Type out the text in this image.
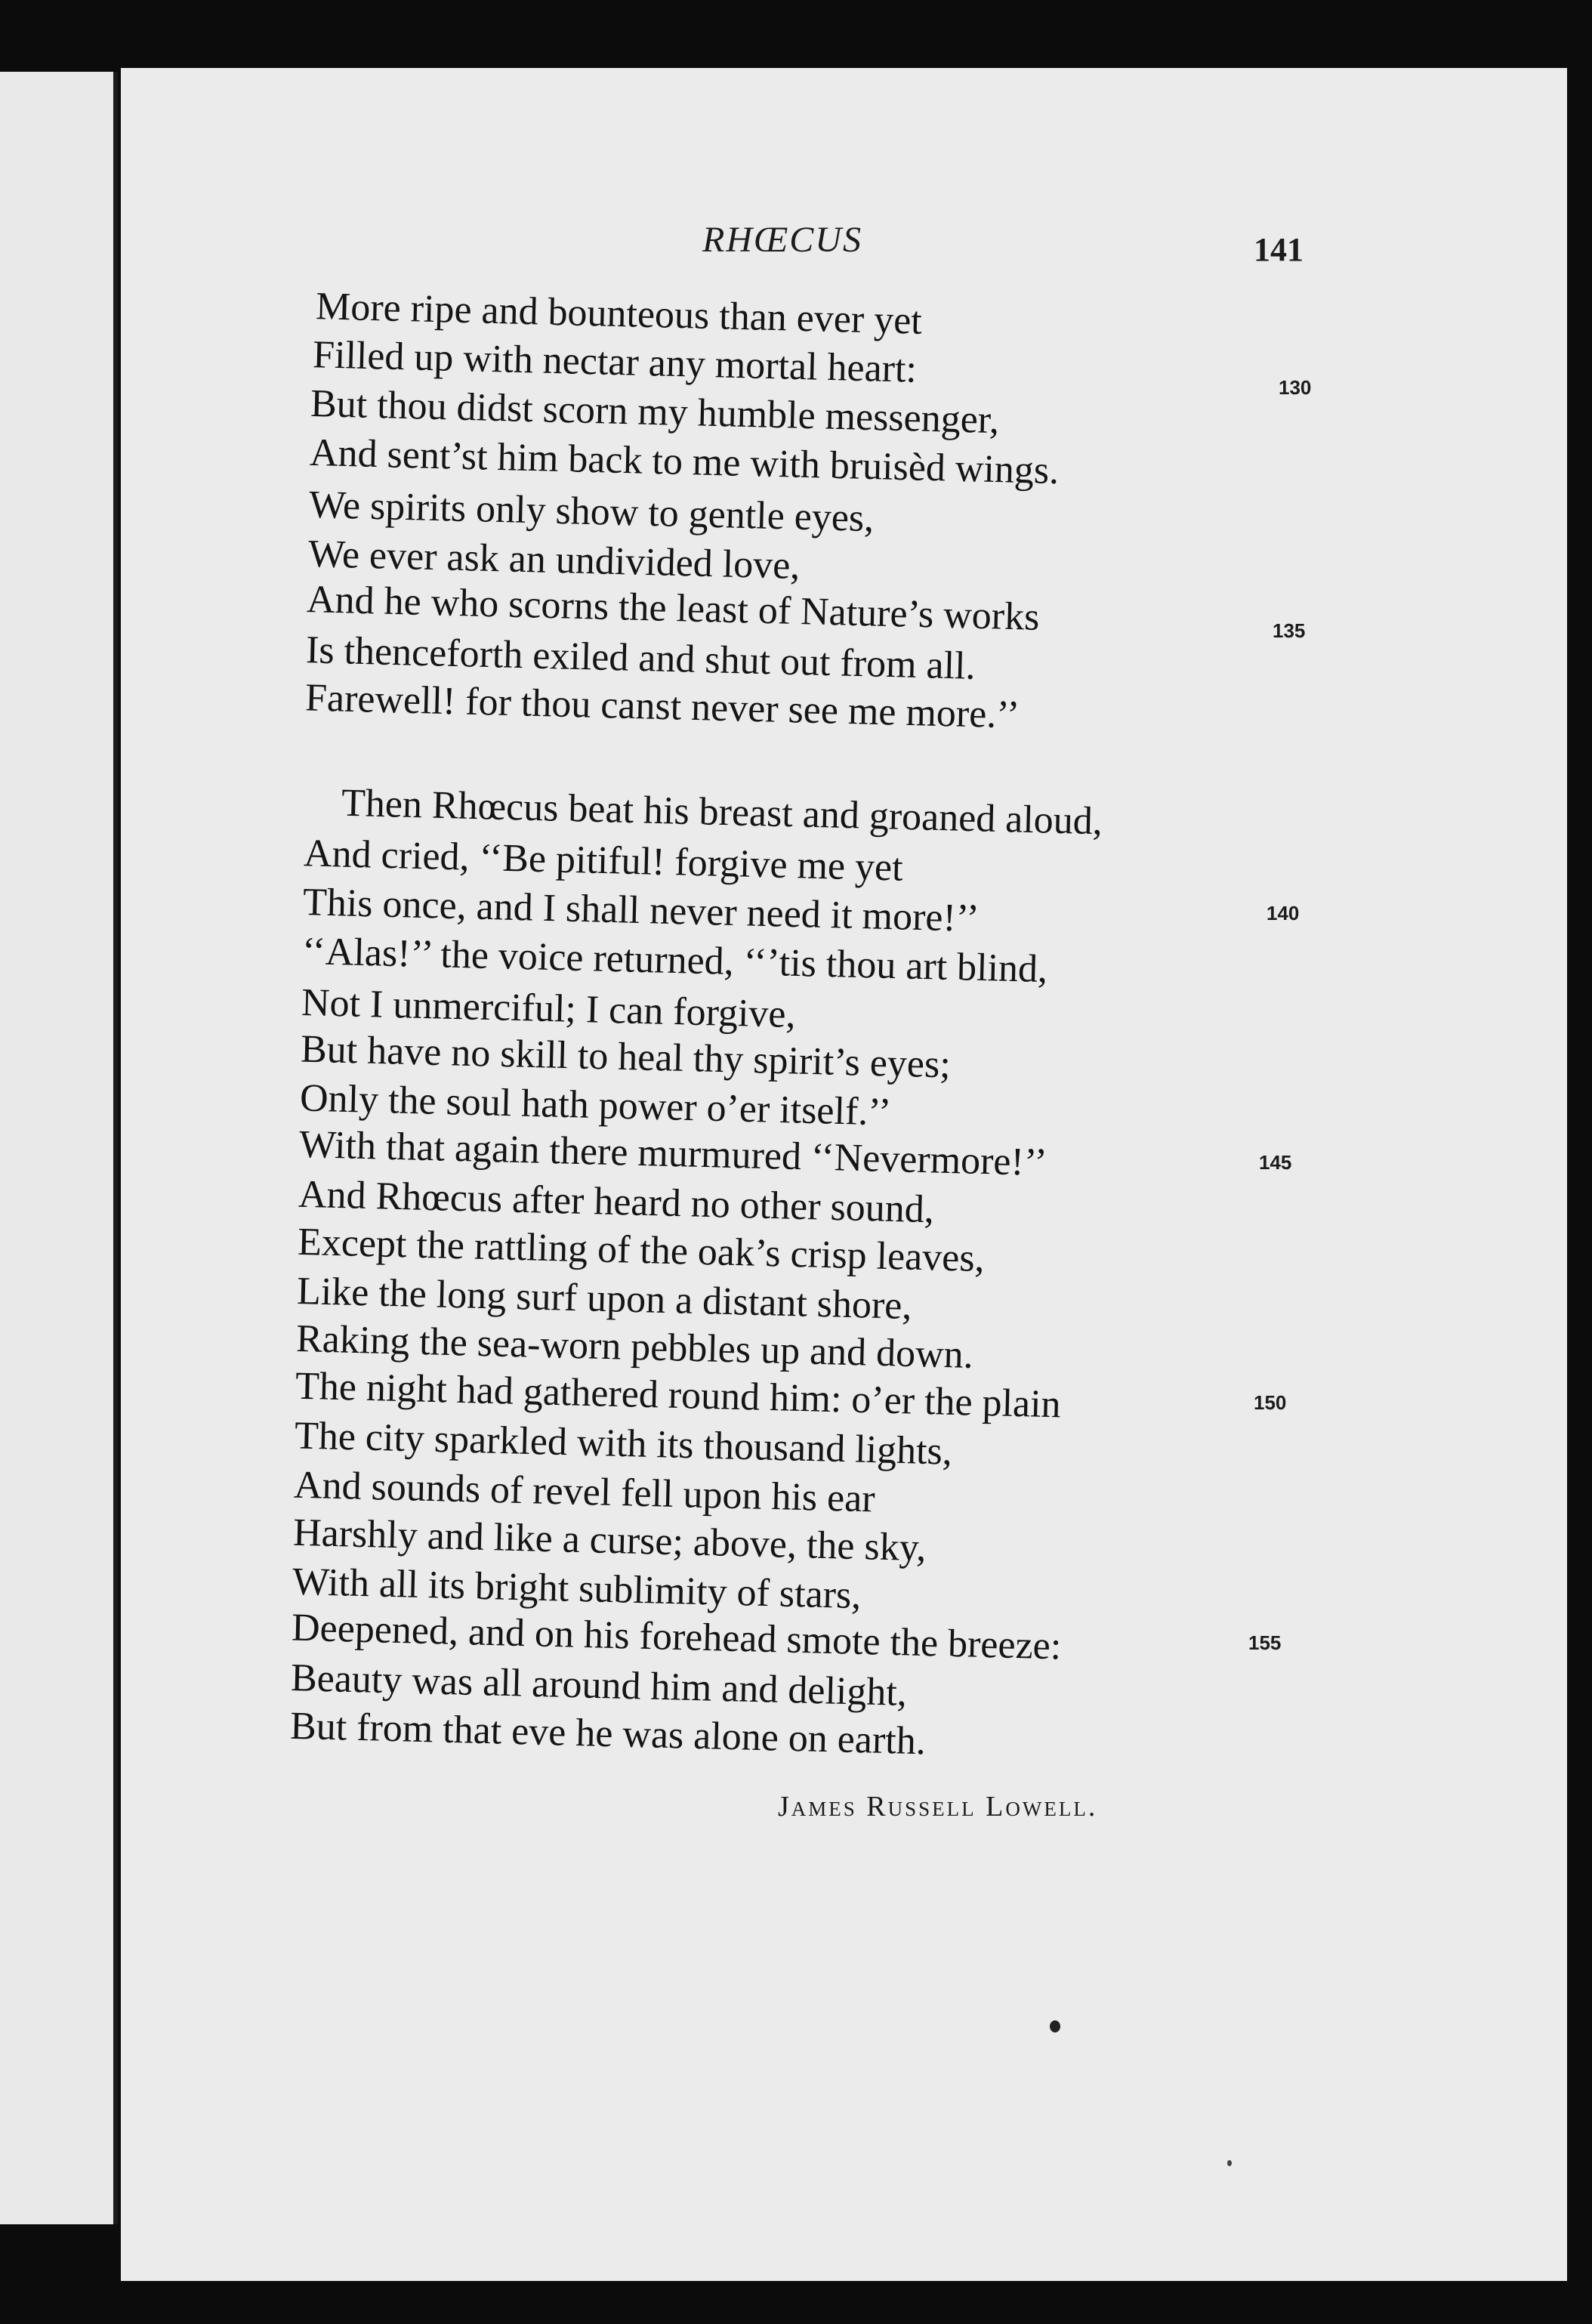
RHŒCUS	141
More ripe and bounteous than ever yet
Filled up with nectar any mortal heart:
But thou didst scorn my humble messenger,
And sent’st him back to me with bruisèd wings.
We spirits only show to gentle eyes,
We ever ask an undivided love,
And he who scorns the least of Nature’s works
Is thenceforth exiled and shut out from all.
Farewell! for thou canst never see me more.’’
Then Rhœcus beat his breast and groaned aloud,
And cried, ‘‘Be pitiful! forgive me yet
This once, and I shall never need it more!’’
‘‘Alas!’’ the voice returned, ‘‘’tis thou art blind,
Not I unmerciful; I can forgive,
But have no skill to heal thy spirit’s eyes;
Only the soul hath power o’er itself.’’
With that again there murmured ‘‘Nevermore!’’
And Rhœcus after heard no other sound,
Except the rattling of the oak’s crisp leaves,
Like the long surf upon a distant shore,
Raking the sea-worn pebbles up and down.
The night had gathered round him: o’er the plain
The city sparkled with its thousand lights,
And sounds of revel fell upon his ear
Harshly and like a curse; above, the sky,
With all its bright sublimity of stars,
Deepened, and on his forehead smote the breeze:
Beauty was all around him and delight,
But from that eve he was alone on earth.
130
135
140
145
150
155
James Russell Lowell.
